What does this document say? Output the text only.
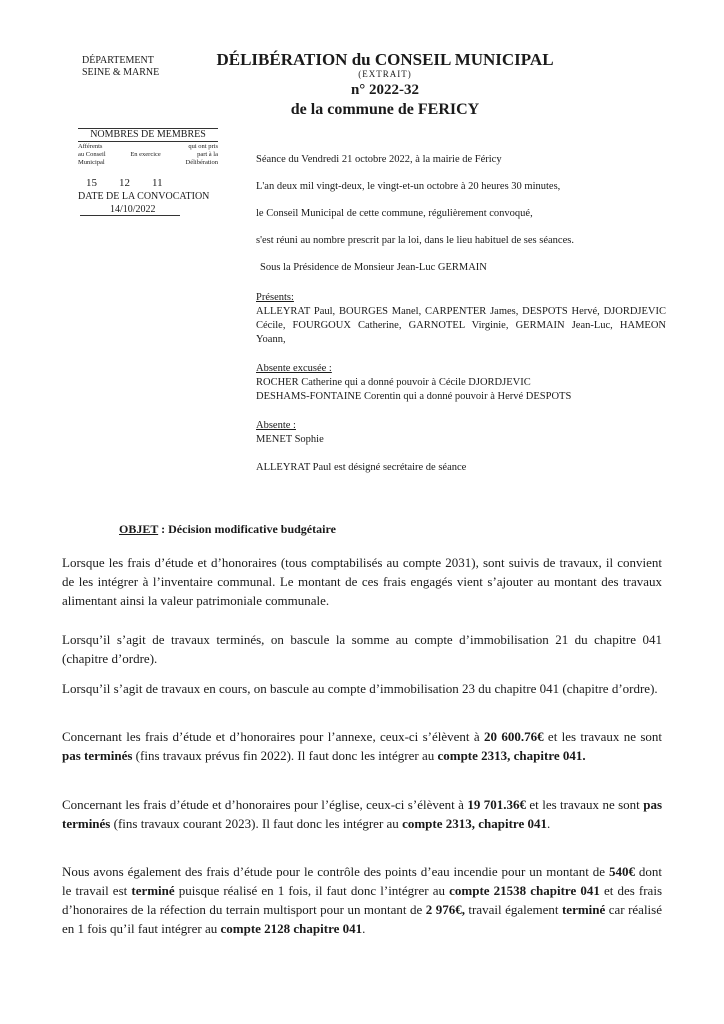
DÉPARTEMENT
SEINE & MARNE
DÉLIBÉRATION du CONSEIL MUNICIPAL
(EXTRAIT)
n° 2022-32
de la commune de FERICY
NOMBRES DE MEMBRES
Afférents
au Conseil
Municipal

En exercice
qui ont pris
part à la
Délibération
15 12 11
DATE DE LA CONVOCATION
14/10/2022
Séance du Vendredi 21 octobre 2022, à la mairie de Féricy
L'an deux mil vingt-deux, le vingt-et-un octobre à 20 heures 30 minutes,
le Conseil Municipal de cette commune, régulièrement convoqué,
s'est réuni au nombre prescrit par la loi, dans le lieu habituel de ses séances.
Sous la Présidence de Monsieur Jean-Luc GERMAIN
Présents:
ALLEYRAT Paul, BOURGES Manel, CARPENTER James, DESPOTS Hervé, DJORDJEVIC Cécile, FOURGOUX Catherine, GARNOTEL Virginie, GERMAIN Jean-Luc, HAMEON Yoann,
Absente excusée :
ROCHER Catherine qui a donné pouvoir à Cécile DJORDJEVIC
DESHAMS-FONTAINE Corentin qui a donné pouvoir à Hervé DESPOTS
Absente :
MENET Sophie
ALLEYRAT Paul est désigné secrétaire de séance
OBJET : Décision modificative budgétaire
Lorsque les frais d’étude et d’honoraires (tous comptabilisés au compte 2031), sont suivis de travaux, il convient de les intégrer à l’inventaire communal. Le montant de ces frais engagés vient s’ajouter au montant des travaux alimentant ainsi la valeur patrimoniale communale.
Lorsqu’il s’agit de travaux terminés, on bascule la somme au compte d’immobilisation 21 du chapitre 041 (chapitre d’ordre).
Lorsqu’il s’agit de travaux en cours, on bascule au compte d’immobilisation 23 du chapitre 041 (chapitre d’ordre).
Concernant les frais d’étude et d’honoraires pour l’annexe, ceux-ci s’élèvent à 20 600.76€ et les travaux ne sont pas terminés (fins travaux prévus fin 2022). Il faut donc les intégrer au compte 2313, chapitre 041.
Concernant les frais d’étude et d’honoraires pour l’église, ceux-ci s’élèvent à 19 701.36€ et les travaux ne sont pas terminés (fins travaux courant 2023). Il faut donc les intégrer au compte 2313, chapitre 041.
Nous avons également des frais d’étude pour le contrôle des points d’eau incendie pour un montant de 540€ dont le travail est terminé puisque réalisé en 1 fois, il faut donc l’intégrer au compte 21538 chapitre 041 et des frais d’honoraires de la réfection du terrain multisport pour un montant de 2 976€, travail également terminé car réalisé en 1 fois qu’il faut intégrer au compte 2128 chapitre 041.
